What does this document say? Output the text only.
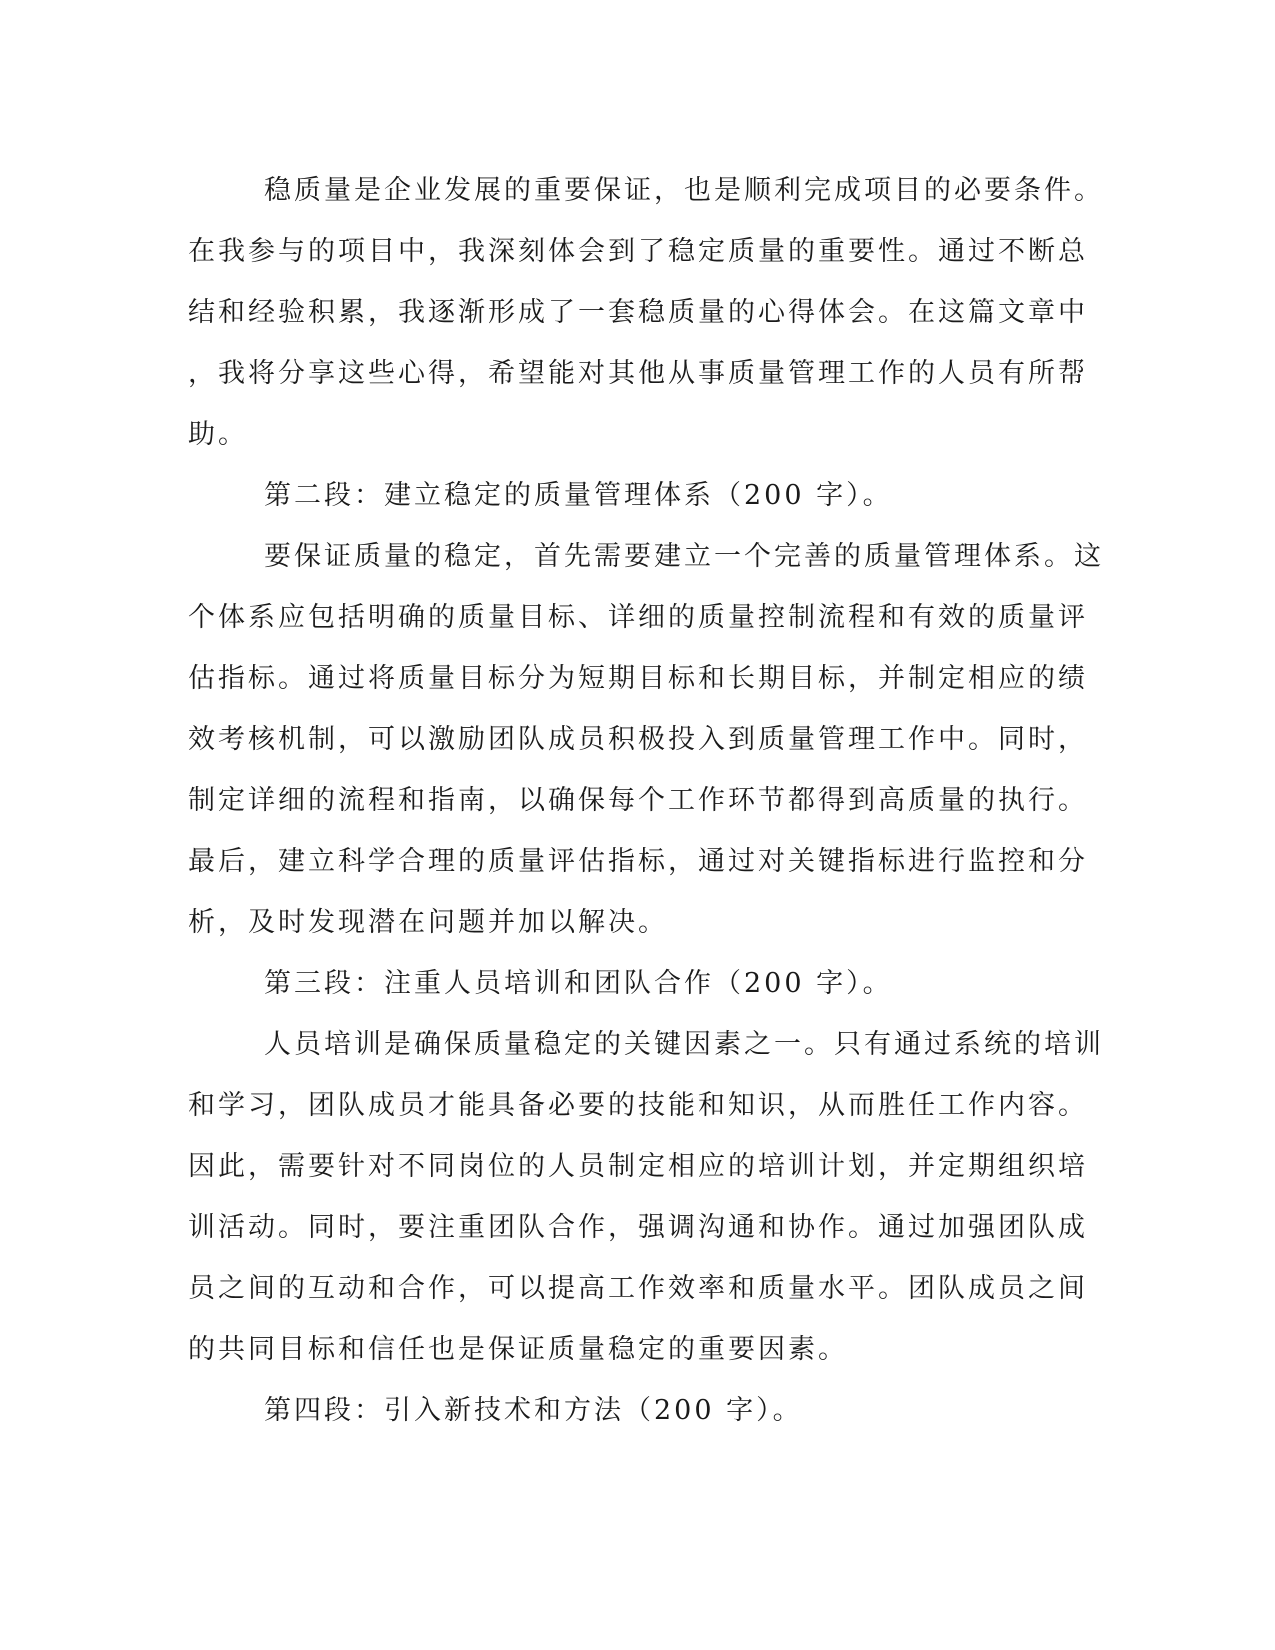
稳质量是企业发展的重要保证，也是顺利完成项目的必要条件。
在我参与的项目中，我深刻体会到了稳定质量的重要性。通过不断总
结和经验积累，我逐渐形成了一套稳质量的心得体会。在这篇文章中
，我将分享这些心得，希望能对其他从事质量管理工作的人员有所帮
助。
第二段：建立稳定的质量管理体系（200 字）。
要保证质量的稳定，首先需要建立一个完善的质量管理体系。这
个体系应包括明确的质量目标、详细的质量控制流程和有效的质量评
估指标。通过将质量目标分为短期目标和长期目标，并制定相应的绩
效考核机制，可以激励团队成员积极投入到质量管理工作中。同时，
制定详细的流程和指南，以确保每个工作环节都得到高质量的执行。
最后，建立科学合理的质量评估指标，通过对关键指标进行监控和分
析，及时发现潜在问题并加以解决。
第三段：注重人员培训和团队合作（200 字）。
人员培训是确保质量稳定的关键因素之一。只有通过系统的培训
和学习，团队成员才能具备必要的技能和知识，从而胜任工作内容。
因此，需要针对不同岗位的人员制定相应的培训计划，并定期组织培
训活动。同时，要注重团队合作，强调沟通和协作。通过加强团队成
员之间的互动和合作，可以提高工作效率和质量水平。团队成员之间
的共同目标和信任也是保证质量稳定的重要因素。
第四段：引入新技术和方法（200 字）。
